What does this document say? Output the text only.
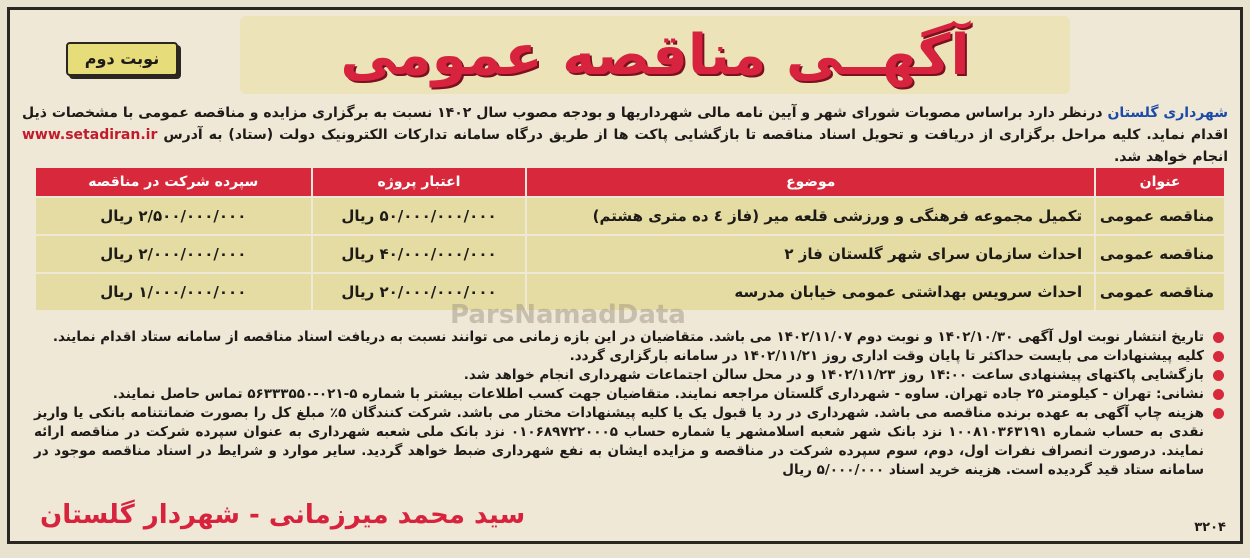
آگهــی مناقصه عمومی
نوبت دوم
شهرداری گلستان درنظر دارد براساس مصوبات شورای شهر و آیین نامه مالی شهرداریها و بودجه مصوب سال ۱۴۰۲ نسبت به برگزاری مزایده و مناقصه عمومی با مشخصات ذیل اقدام نماید. کلیه مراحل برگزاری از دریافت و تحویل اسناد مناقصه تا بازگشایی پاکت ها از طریق درگاه سامانه تدارکات الکترونیک دولت (ستاد) به آدرس www.setadiran.ir انجام خواهد شد.
عنوان	موضوع	اعتبار پروژه	سپرده شرکت در مناقصه
مناقصه عمومی	تکمیل مجموعه فرهنگی و ورزشی قلعه میر (فاز ٤ ده متری هشتم)	۵۰/۰۰۰/۰۰۰/۰۰۰ ریال	۲/۵۰۰/۰۰۰/۰۰۰ ریال
مناقصه عمومی	احداث سازمان سرای شهر گلستان فاز ۲	۴۰/۰۰۰/۰۰۰/۰۰۰ ریال	۲/۰۰۰/۰۰۰/۰۰۰ ریال
مناقصه عمومی	احداث سرویس بهداشتی عمومی خیابان مدرسه	۲۰/۰۰۰/۰۰۰/۰۰۰ ریال	۱/۰۰۰/۰۰۰/۰۰۰ ریال
ParsNamadData
تاریخ انتشار نوبت اول آگهی ۱۴۰۲/۱۰/۳۰ و نوبت دوم ۱۴۰۲/۱۱/۰۷ می باشد. متقاضیان در این بازه زمانی می توانند نسبت به دریافت اسناد مناقصه از سامانه ستاد اقدام نمایند.
کلیه پیشنهادات می بایست حداکثر تا پایان وقت اداری روز ۱۴۰۲/۱۱/۲۱ در سامانه بارگزاری گردد.
بازگشایی پاکتهای پیشنهادی ساعت ۱۴:۰۰ روز ۱۴۰۲/۱۱/۲۳ و در محل سالن اجتماعات شهرداری انجام خواهد شد.
نشانی: تهران - کیلومتر ۲۵ جاده تهران. ساوه - شهرداری گلستان مراجعه نمایند. متقاضیان جهت کسب اطلاعات بیشتر با شماره ۵-۰۲۱-۵۶۳۳۳۵۵۰ تماس حاصل نمایند.
هزینه چاپ آگهی به عهده برنده مناقصه می باشد. شهرداری در رد یا قبول یک یا کلیه پیشنهادات مختار می باشد. شرکت کنندگان ۵٪ مبلغ کل را بصورت ضمانتنامه بانکی یا واریز نقدی به حساب شماره ۱۰۰۸۱۰۳۶۳۱۹۱ نزد بانک شهر شعبه اسلامشهر یا شماره حساب ۰۱۰۶۸۹۷۲۲۰۰۰۵ نزد بانک ملی شعبه شهرداری به عنوان سپرده شرکت در مناقصه ارائه نمایند. درصورت انصراف نفرات اول، دوم، سوم سپرده شرکت در مناقصه و مزایده ایشان به نفع شهرداری ضبط خواهد گردید. سایر موارد و شرایط در اسناد مناقصه موجود در سامانه ستاد قید گردیده است. هزینه خرید اسناد ۵/۰۰۰/۰۰۰ ریال
سید محمد میرزمانی - شهردار گلستان	۳۲۰۴
